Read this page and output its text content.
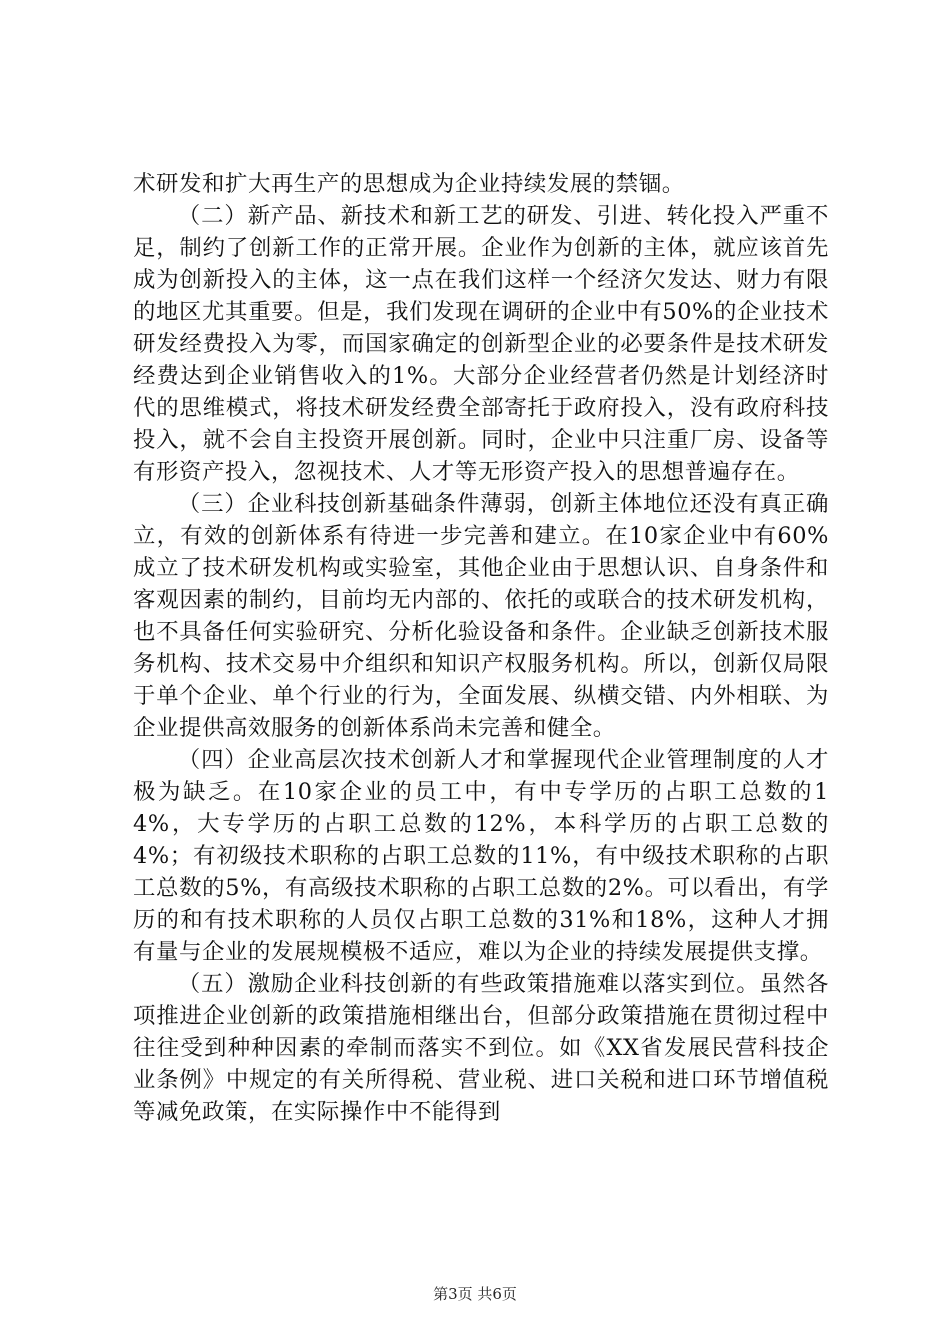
术研发和扩大再生产的思想成为企业持续发展的禁锢。

（二）新产品、新技术和新工艺的研发、引进、转化投入严重不足，制约了创新工作的正常开展。企业作为创新的主体，就应该首先成为创新投入的主体，这一点在我们这样一个经济欠发达、财力有限的地区尤其重要。但是，我们发现在调研的企业中有50%的企业技术研发经费投入为零，而国家确定的创新型企业的必要条件是技术研发经费达到企业销售收入的1%。大部分企业经营者仍然是计划经济时代的思维模式，将技术研发经费全部寄托于政府投入，没有政府科技投入，就不会自主投资开展创新。同时，企业中只注重厂房、设备等有形资产投入，忽视技术、人才等无形资产投入的思想普遍存在。

（三）企业科技创新基础条件薄弱，创新主体地位还没有真正确立，有效的创新体系有待进一步完善和建立。在10家企业中有60%成立了技术研发机构或实验室，其他企业由于思想认识、自身条件和客观因素的制约，目前均无内部的、依托的或联合的技术研发机构，也不具备任何实验研究、分析化验设备和条件。企业缺乏创新技术服务机构、技术交易中介组织和知识产权服务机构。所以，创新仅局限于单个企业、单个行业的行为，全面发展、纵横交错、内外相联、为企业提供高效服务的创新体系尚未完善和健全。

（四）企业高层次技术创新人才和掌握现代企业管理制度的人才极为缺乏。在10家企业的员工中，有中专学历的占职工总数的14%，大专学历的占职工总数的12%，本科学历的占职工总数的4%；有初级技术职称的占职工总数的11%，有中级技术职称的占职工总数的5%，有高级技术职称的占职工总数的2%。可以看出，有学历的和有技术职称的人员仅占职工总数的31%和18%，这种人才拥有量与企业的发展规模极不适应，难以为企业的持续发展提供支撑。

（五）激励企业科技创新的有些政策措施难以落实到位。虽然各项推进企业创新的政策措施相继出台，但部分政策措施在贯彻过程中往往受到种种因素的牵制而落实不到位。如《XX省发展民营科技企业条例》中规定的有关所得税、营业税、进口关税和进口环节增值税等减免政策，在实际操作中不能得到

第3页 共6页
